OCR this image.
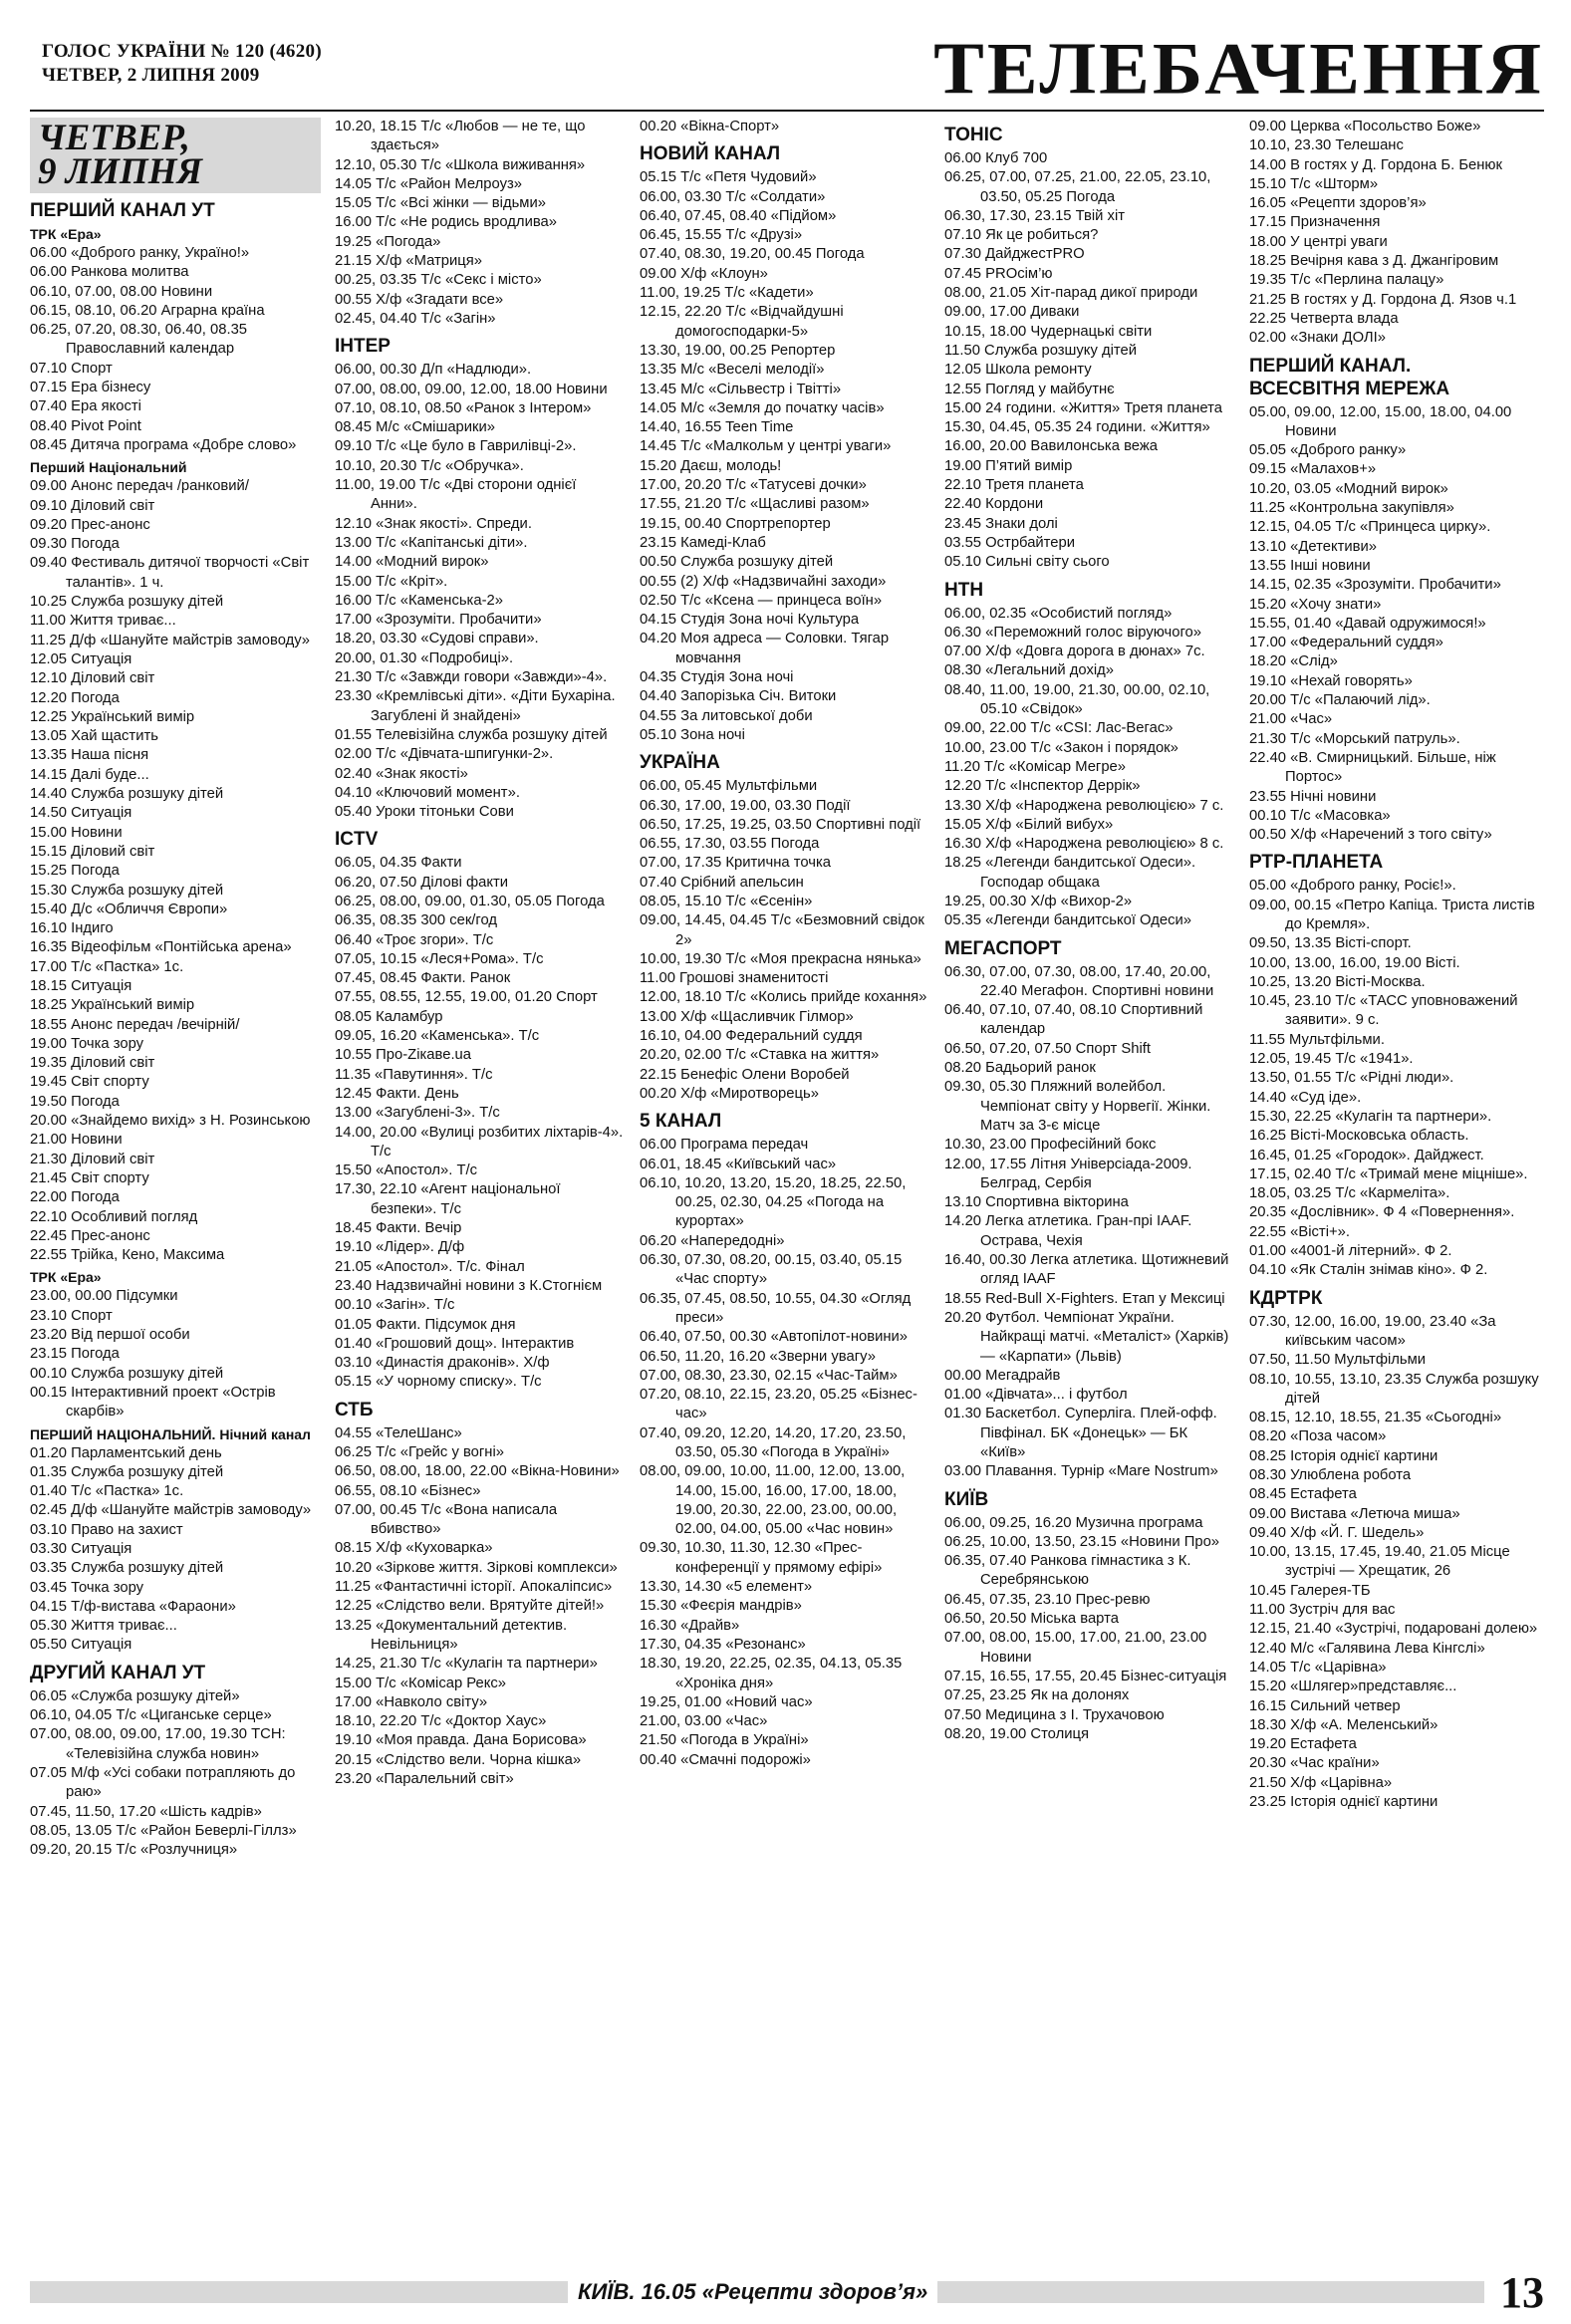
ГОЛОС УКРАЇНИ № 120 (4620)
ЧЕТВЕР, 2 ЛИПНЯ 2009	ТЕЛЕБАЧЕННЯ
ЧЕТВЕР,
9 ЛИПНЯ
ПЕРШИЙ КАНАЛ УТ
ТРК «Ера»
06.00 «Доброго ранку, Україно!»
06.00 Ранкова молитва
06.10, 07.00, 08.00 Новини
06.15, 08.10, 06.20 Аграрна країна
06.25, 07.20, 08.30, 06.40, 08.35 Православний календар
07.10 Спорт
07.15 Ера бізнесу
07.40 Ера якості
08.40 Pivot Point
08.45 Дитяча програма «Добре слово»
Перший Національний
09.00 Анонс передач /ранковий/
09.10 Діловий світ
09.20 Прес-анонс
09.30 Погода
09.40 Фестиваль дитячої творчості «Світ талантів». 1 ч.
10.25 Служба розшуку дітей
11.00 Життя триває...
11.25 Д/ф «Шануйте майстрів замоводу»
12.05 Ситуація
12.10 Діловий світ
12.20 Погода
12.25 Український вимір
13.05 Хай щастить
13.35 Наша пісня
14.15 Далі буде...
14.40 Служба розшуку дітей
14.50 Ситуація
15.00 Новини
15.15 Діловий світ
15.25 Погода
15.30 Служба розшуку дітей
15.40 Д/с «Обличчя Європи»
16.10 Індиго
16.35 Відеофільм «Понтійська арена»
17.00 Т/с «Пастка» 1с.
18.15 Ситуація
18.25 Український вимір
18.55 Анонс передач /вечірній/
19.00 Точка зору
19.35 Діловий світ
19.45 Світ спорту
19.50 Погода
20.00 «Знайдемо вихід» з Н. Розинською
21.00 Новини
21.30 Діловий світ
21.45 Світ спорту
22.00 Погода
22.10 Особливий погляд
22.45 Прес-анонс
22.55 Трійка, Кено, Максима
ТРК «Ера»
23.00, 00.00 Підсумки
23.10 Спорт
23.20 Від першої особи
23.15 Погода
00.10 Служба розшуку дітей
00.15 Інтерактивний проект «Острів скарбів»
ПЕРШИЙ НАЦІОНАЛЬНИЙ. Нічний канал
01.20 Парламентський день
01.35 Служба розшуку дітей
01.40 Т/с «Пастка» 1с.
02.45 Д/ф «Шануйте майстрів замоводу»
03.10 Право на захист
03.30 Ситуація
03.35 Служба розшуку дітей
03.45 Точка зору
04.15 Т/ф-вистава «Фараони»
05.30 Життя триває...
05.50 Ситуація
ДРУГИЙ КАНАЛ УТ
06.05 «Служба розшуку дітей»
06.10, 04.05 Т/с «Циганське серце»
07.00, 08.00, 09.00, 17.00, 19.30 ТСН: «Телевізійна служба новин»
07.05 М/ф «Усі собаки потрапляють до раю»
07.45, 11.50, 17.20 «Шість кадрів»
08.05, 13.05 Т/с «Район Беверлі-Гіллз»
09.20, 20.15 Т/с «Розлучниця»
10.20, 18.15 Т/с «Любов — не те, що здається»
12.10, 05.30 Т/с «Школа виживання»
14.05 Т/с «Район Мелроуз»
15.05 Т/с «Всі жінки — відьми»
16.00 Т/с «Не родись вродлива»
19.25 «Погода»
21.15 Х/ф «Матриця»
00.25, 03.35 Т/с «Секс і місто»
00.55 Х/ф «Згадати все»
02.45, 04.40 Т/с «Загін»
ІНТЕР
06.00, 00.30 Д/п «Надлюди».
07.00, 08.00, 09.00, 12.00, 18.00 Новини
07.10, 08.10, 08.50 «Ранок з Інтером»
08.45 М/с «Смішарики»
09.10 Т/с «Це було в Гаврилівці-2».
10.10, 20.30 Т/с «Обручка».
11.00, 19.00 Т/с «Дві сторони однієї Анни».
12.10 «Знак якості». Спреди.
13.00 Т/с «Капітанські діти».
14.00 «Модний вирок»
15.00 Т/с «Кріт».
16.00 Т/с «Каменська-2»
17.00 «Зрозуміти. Пробачити»
18.20, 03.30 «Судові справи».
20.00, 01.30 «Подробиці».
21.30 Т/с «Завжди говори «Завжди»-4».
23.30 «Кремлівські діти». «Діти Бухаріна. Загублені й знайдені»
01.55 Телевізійна служба розшуку дітей
02.00 Т/с «Дівчата-шпигунки-2».
02.40 «Знак якості»
04.10 «Ключовий момент».
05.40 Уроки тітоньки Сови
ICTV
06.05, 04.35 Факти
06.20, 07.50 Ділові факти
06.25, 08.00, 09.00, 01.30, 05.05 Погода
06.35, 08.35 300 сек/год
06.40 «Троє згори». Т/с
07.05, 10.15 «Леся+Рома». Т/с
07.45, 08.45 Факти. Ранок
07.55, 08.55, 12.55, 19.00, 01.20 Спорт
08.05 Каламбур
09.05, 16.20 «Каменська». Т/с
10.55 Про-Zікаве.ua
11.35 «Павутиння». Т/с
12.45 Факти. День
13.00 «Загублені-3». Т/с
14.00, 20.00 «Вулиці розбитих ліхтарів-4». Т/с
15.50 «Апостол». Т/с
17.30, 22.10 «Агент національної безпеки». Т/с
18.45 Факти. Вечір
19.10 «Лідер». Д/ф
21.05 «Апостол». Т/с. Фінал
23.40 Надзвичайні новини з К.Стогнієм
00.10 «Загін». Т/с
01.05 Факти. Підсумок дня
01.40 «Грошовий дощ». Інтерактив
03.10 «Династія драконів». Х/ф
05.15 «У чорному списку». Т/с
СТБ
04.55 «ТелеШанс»
06.25 Т/с «Грейс у вогні»
06.50, 08.00, 18.00, 22.00 «Вікна-Новини»
06.55, 08.10 «Бізнес»
07.00, 00.45 Т/с «Вона написала вбивство»
08.15 Х/ф «Куховарка»
10.20 «Зіркове життя. Зіркові комплекси»
11.25 «Фантастичні історії. Апокаліпсис»
12.25 «Слідство вели. Врятуйте дітей!»
13.25 «Документальний детектив. Невільниця»
14.25, 21.30 Т/с «Кулагін та партнери»
15.00 Т/с «Комісар Рекс»
17.00 «Навколо світу»
18.10, 22.20 Т/с «Доктор Хаус»
19.10 «Моя правда. Дана Борисова»
20.15 «Слідство вели. Чорна кішка»
23.20 «Паралельний світ»
00.20 «Вікна-Спорт»
НОВИЙ КАНАЛ
05.15 Т/с «Петя Чудовий»
06.00, 03.30 Т/с «Солдати»
06.40, 07.45, 08.40 «Підйом»
06.45, 15.55 Т/с «Друзі»
07.40, 08.30, 19.20, 00.45 Погода
09.00 Х/ф «Клоун»
11.00, 19.25 Т/с «Кадети»
12.15, 22.20 Т/с «Відчайдушні домогосподарки-5»
13.30, 19.00, 00.25 Репортер
13.35 М/с «Веселі мелодії»
13.45 М/с «Сільвестр і Твітті»
14.05 М/с «Земля до початку часів»
14.40, 16.55 Teen Time
14.45 Т/с «Малкольм у центрі уваги»
15.20 Даєш, молодь!
17.00, 20.20 Т/с «Татусеві дочки»
17.55, 21.20 Т/с «Щасливі разом»
19.15, 00.40 Спортрепортер
23.15 Камеді-Клаб
00.50 Служба розшуку дітей
00.55 (2) Х/ф «Надзвичайні заходи»
02.50 Т/с «Ксена — принцеса воїн»
04.15 Студія Зона ночі Культура
04.20 Моя адреса — Соловки. Тягар мовчання
04.35 Студія Зона ночі
04.40 Запорізька Січ. Витоки
04.55 За литовської доби
05.10 Зона ночі
УКРАЇНА
06.00, 05.45 Мультфільми
06.30, 17.00, 19.00, 03.30 Події
06.50, 17.25, 19.25, 03.50 Спортивні події
06.55, 17.30, 03.55 Погода
07.00, 17.35 Критична точка
07.40 Срібний апельсин
08.05, 15.10 Т/с «Єсенін»
09.00, 14.45, 04.45 Т/с «Безмовний свідок 2»
10.00, 19.30 Т/с «Моя прекрасна нянька»
11.00 Грошові знаменитості
12.00, 18.10 Т/с «Колись прийде кохання»
13.00 Х/ф «Щасливчик Гілмор»
16.10, 04.00 Федеральний суддя
20.20, 02.00 Т/с «Ставка на життя»
22.15 Бенефіс Олени Воробей
00.20 Х/ф «Миротворець»
5 КАНАЛ
06.00 Програма передач
06.01, 18.45 «Київський час»
06.10, 10.20, 13.20, 15.20, 18.25, 22.50, 00.25, 02.30, 04.25 «Погода на курортах»
06.20 «Напередодні»
06.30, 07.30, 08.20, 00.15, 03.40, 05.15 «Час спорту»
06.35, 07.45, 08.50, 10.55, 04.30 «Огляд преси»
06.40, 07.50, 00.30 «Автопілот-новини»
06.50, 11.20, 16.20 «Зверни увагу»
07.00, 08.30, 23.30, 02.15 «Час-Тайм»
07.20, 08.10, 22.15, 23.20, 05.25 «Бізнес-час»
07.40, 09.20, 12.20, 14.20, 17.20, 23.50, 03.50, 05.30 «Погода в Україні»
08.00, 09.00, 10.00, 11.00, 12.00, 13.00, 14.00, 15.00, 16.00, 17.00, 18.00, 19.00, 20.30, 22.00, 23.00, 00.00, 02.00, 04.00, 05.00 «Час новин»
09.30, 10.30, 11.30, 12.30 «Прес-конференції у прямому ефірі»
13.30, 14.30 «5 елемент»
15.30 «Феєрія мандрів»
16.30 «Драйв»
17.30, 04.35 «Резонанс»
18.30, 19.20, 22.25, 02.35, 04.13, 05.35 «Хроніка дня»
19.25, 01.00 «Новий час»
21.00, 03.00 «Час»
21.50 «Погода в Україні»
00.40 «Смачні подорожі»
ТОНІС
06.00 Клуб 700
06.25, 07.00, 07.25, 21.00, 22.05, 23.10, 03.50, 05.25 Погода
06.30, 17.30, 23.15 Твій хіт
07.10 Як це робиться?
07.30 ДайджестPRO
07.45 PROсім’ю
08.00, 21.05 Хіт-парад дикої природи
09.00, 17.00 Диваки
10.15, 18.00 Чудернацькі світи
11.50 Служба розшуку дітей
12.05 Школа ремонту
12.55 Погляд у майбутнє
15.00 24 години. «Життя» Третя планета
15.30, 04.45, 05.35 24 години. «Життя»
16.00, 20.00 Вавилонська вежа
19.00 П’ятий вимір
22.10 Третя планета
22.40 Кордони
23.45 Знаки долі
03.55 Острбайтери
05.10 Сильні світу сього
НТН
06.00, 02.35 «Особистий погляд»
06.30 «Переможний голос віруючого»
07.00 Х/ф «Довга дорога в дюнах» 7с.
08.30 «Легальний дохід»
08.40, 11.00, 19.00, 21.30, 00.00, 02.10, 05.10 «Свідок»
09.00, 22.00 Т/с «CSI: Лас-Вегас»
10.00, 23.00 Т/с «Закон і порядок»
11.20 Т/с «Комісар Мегре»
12.20 Т/с «Інспектор Деррік»
13.30 Х/ф «Народжена революцією» 7 с.
15.05 Х/ф «Білий вибух»
16.30 Х/ф «Народжена революцією» 8 с.
18.25 «Легенди бандитської Одеси». Господар общака
19.25, 00.30 Х/ф «Вихор-2»
05.35 «Легенди бандитської Одеси»
МЕГАСПОРТ
06.30, 07.00, 07.30, 08.00, 17.40, 20.00, 22.40 Мегафон. Спортивні новини
06.40, 07.10, 07.40, 08.10 Спортивний календар
06.50, 07.20, 07.50 Спорт Shift
08.20 Бадьорий ранок
09.30, 05.30 Пляжний волейбол. Чемпіонат світу у Норвегії. Жінки. Матч за 3-є місце
10.30, 23.00 Професійний бокс
12.00, 17.55 Літня Універсіада-2009. Белград, Сербія
13.10 Спортивна вікторина
14.20 Легка атлетика. Гран-прі IAAF. Острава, Чехія
16.40, 00.30 Легка атлетика. Щотижневий огляд IAAF
18.55 Red-Bull X-Fighters. Етап у Мексиці
20.20 Футбол. Чемпіонат України. Найкращі матчі. «Металіст» (Харків) — «Карпати» (Львів)
00.00 Мегадрайв
01.00 «Дівчата»... і футбол
01.30 Баскетбол. Суперліга. Плей-офф. Півфінал. БК «Донецьк» — БК «Київ»
03.00 Плавання. Турнір «Mare Nostrum»
КИЇВ
06.00, 09.25, 16.20 Музична програма
06.25, 10.00, 13.50, 23.15 «Новини Про»
06.35, 07.40 Ранкова гімнастика з К. Серебрянською
06.45, 07.35, 23.10 Прес-ревю
06.50, 20.50 Міська варта
07.00, 08.00, 15.00, 17.00, 21.00, 23.00 Новини
07.15, 16.55, 17.55, 20.45 Бізнес-ситуація
07.25, 23.25 Як на долонях
07.50 Медицина з І. Трухачовою
08.20, 19.00 Столиця
09.00 Церква «Посольство Боже»
10.10, 23.30 Телешанс
14.00 В гостях у Д. Гордона Б. Бенюк
15.10 Т/с «Шторм»
16.05 «Рецепти здоров’я»
17.15 Призначення
18.00 У центрі уваги
18.25 Вечірня кава з Д. Джангіровим
19.35 Т/с «Перлина палацу»
21.25 В гостях у Д. Гордона Д. Язов ч.1
22.25 Четверта влада
02.00 «Знаки ДОЛІ»
ПЕРШИЙ КАНАЛ.
ВСЕСВІТНЯ МЕРЕЖА
05.00, 09.00, 12.00, 15.00, 18.00, 04.00 Новини
05.05 «Доброго ранку»
09.15 «Малахов+»
10.20, 03.05 «Модний вирок»
11.25 «Контрольна закупівля»
12.15, 04.05 Т/с «Принцеса цирку».
13.10 «Детективи»
13.55 Інші новини
14.15, 02.35 «Зрозуміти. Пробачити»
15.20 «Хочу знати»
15.55, 01.40 «Давай одружимося!»
17.00 «Федеральний суддя»
18.20 «Слід»
19.10 «Нехай говорять»
20.00 Т/с «Палаючий лід».
21.00 «Час»
21.30 Т/с «Морський патруль».
22.40 «В. Смирницький. Більше, ніж Портос»
23.55 Нічні новини
00.10 Т/с «Масовка»
00.50 Х/ф «Наречений з того світу»
РТР-ПЛАНЕТА
05.00 «Доброго ранку, Росіє!».
09.00, 00.15 «Петро Капіца. Триста листів до Кремля».
09.50, 13.35 Вісті-спорт.
10.00, 13.00, 16.00, 19.00 Вісті.
10.25, 13.20 Вісті-Москва.
10.45, 23.10 Т/с «ТАСС уповноважений заявити». 9 с.
11.55 Мультфільми.
12.05, 19.45 Т/с «1941».
13.50, 01.55 Т/с «Рідні люди».
14.40 «Суд іде».
15.30, 22.25 «Кулагін та партнери».
16.25 Вісті-Московська область.
16.45, 01.25 «Городок». Дайджест.
17.15, 02.40 Т/с «Тримай мене міцніше».
18.05, 03.25 Т/с «Кармеліта».
20.35 «Дослівник». Ф 4 «Повернення».
22.55 «Вісті+».
01.00 «4001-й літерний». Ф 2.
04.10 «Як Сталін знімав кіно». Ф 2.
КДРТРК
07.30, 12.00, 16.00, 19.00, 23.40 «За київським часом»
07.50, 11.50 Мультфільми
08.10, 10.55, 13.10, 23.35 Служба розшуку дітей
08.15, 12.10, 18.55, 21.35 «Сьогодні»
08.20 «Поза часом»
08.25 Історія однієї картини
08.30 Улюблена робота
08.45 Естафета
09.00 Вистава «Летюча миша»
09.40 Х/ф «Й. Г. Шедель»
10.00, 13.15, 17.45, 19.40, 21.05 Місце зустрічі — Хрещатик, 26
10.45 Галерея-ТБ
11.00 Зустріч для вас
12.15, 21.40 «Зустрічі, подаровані долею»
12.40 М/с «Галявина Лева Кінгслі»
14.05 Т/с «Царівна»
15.20 «Шлягер»представляє...
16.15 Сильний четвер
18.30 Х/ф «А. Меленський»
19.20 Естафета
20.30 «Час країни»
21.50 Х/ф «Царівна»
23.25 Історія однієї картини
КИЇВ. 16.05 «Рецепти здоров’я»	13
